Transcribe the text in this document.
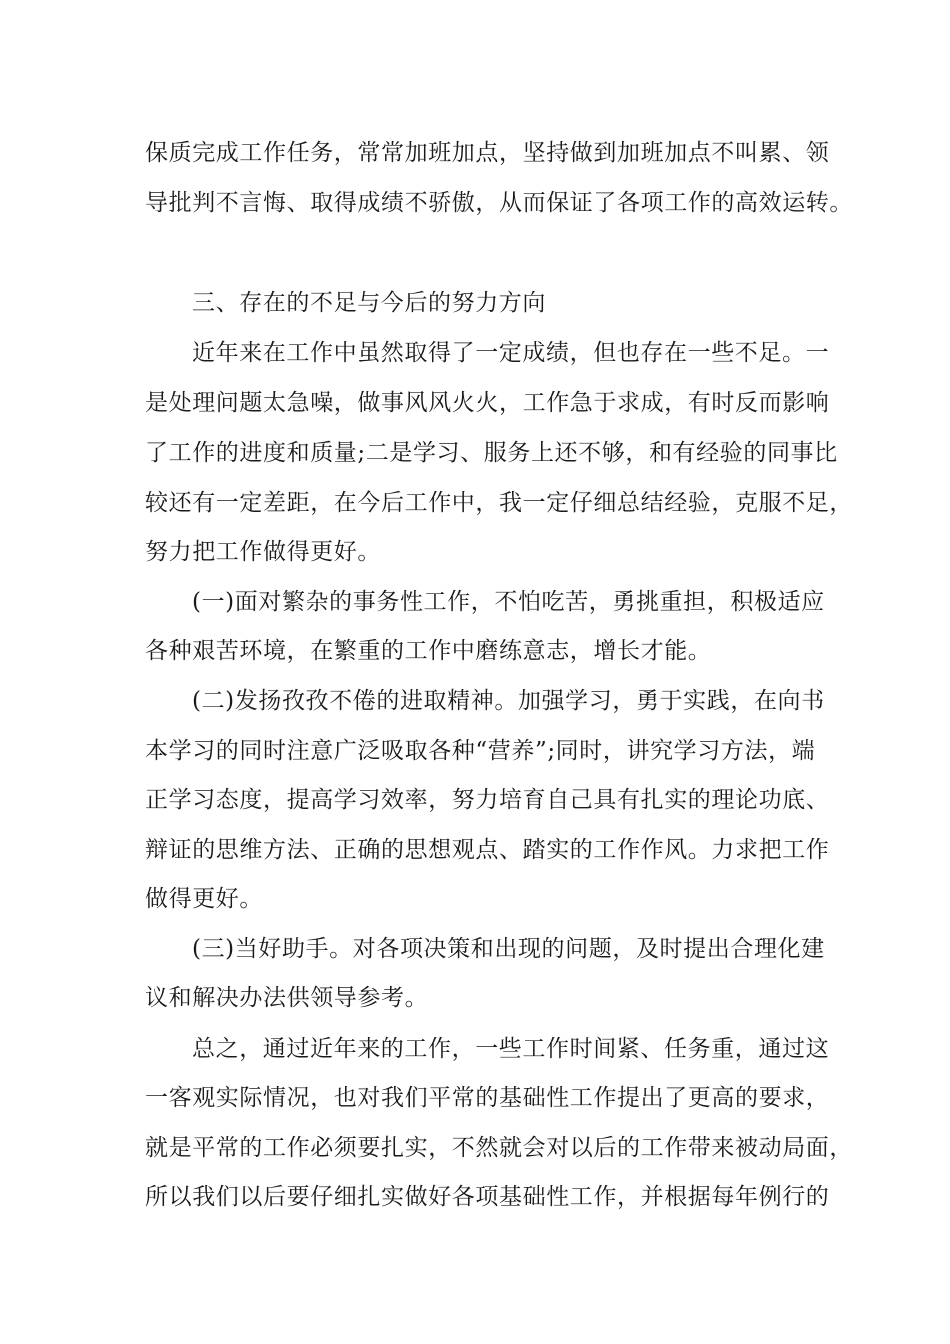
保质完成工作任务，常常加班加点，坚持做到加班加点不叫累、领
导批判不言悔、取得成绩不骄傲，从而保证了各项工作的高效运转。
三、存在的不足与今后的努力方向
近年来在工作中虽然取得了一定成绩，但也存在一些不足。一
是处理问题太急噪，做事风风火火，工作急于求成，有时反而影响
了工作的进度和质量;二是学习、服务上还不够，和有经验的同事比
较还有一定差距，在今后工作中，我一定仔细总结经验，克服不足，
努力把工作做得更好。
(一)面对繁杂的事务性工作，不怕吃苦，勇挑重担，积极适应
各种艰苦环境，在繁重的工作中磨练意志，增长才能。
(二)发扬孜孜不倦的进取精神。加强学习，勇于实践，在向书
本学习的同时注意广泛吸取各种“营养”;同时，讲究学习方法，端
正学习态度，提高学习效率，努力培育自己具有扎实的理论功底、
辩证的思维方法、正确的思想观点、踏实的工作作风。力求把工作
做得更好。
(三)当好助手。对各项决策和出现的问题，及时提出合理化建
议和解决办法供领导参考。
总之，通过近年来的工作，一些工作时间紧、任务重，通过这
一客观实际情况，也对我们平常的基础性工作提出了更高的要求，
就是平常的工作必须要扎实，不然就会对以后的工作带来被动局面，
所以我们以后要仔细扎实做好各项基础性工作，并根据每年例行的
